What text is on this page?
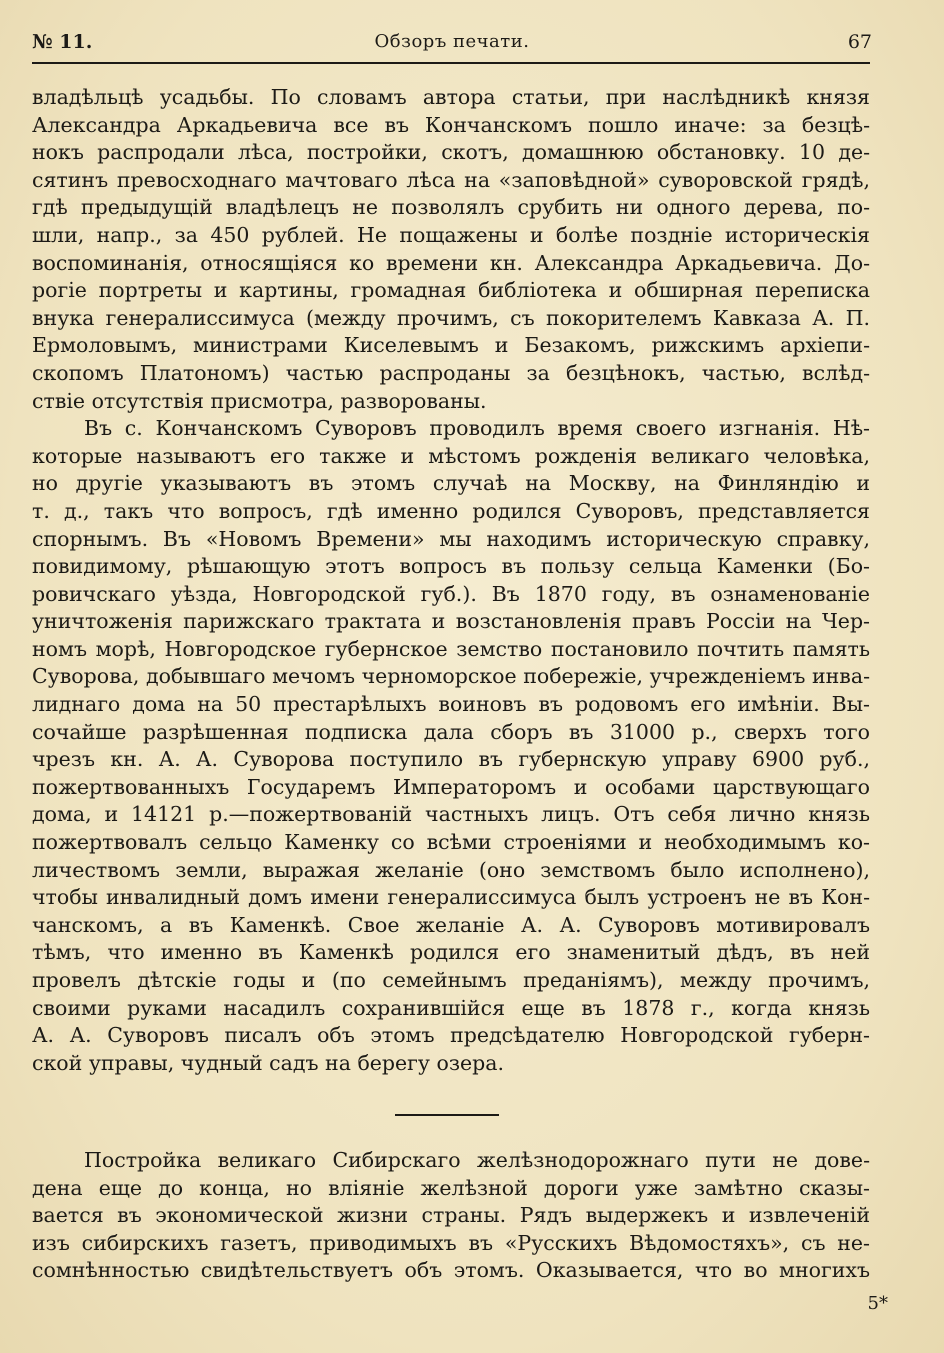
№ 11.	Обзоръ печати.	67
владѣльцѣ усадьбы. По словамъ автора статьи, при наслѣдникѣ князя
Александра Аркадьевича все въ Кончанскомъ пошло иначе: за безцѣ-
нокъ распродали лѣса, постройки, скотъ, домашнюю обстановку. 10 де-
сятинъ превосходнаго мачтоваго лѣса на «заповѣдной» суворовской грядѣ,
гдѣ предыдущій владѣлецъ не позволялъ срубить ни одного дерева, по-
шли, напр., за 450 рублей. Не пощажены и болѣе поздніе историческія
воспоминанія, относящіяся ко времени кн. Александра Аркадьевича. До-
рогіе портреты и картины, громадная библіотека и обширная переписка
внука генералиссимуса (между прочимъ, съ покорителемъ Кавказа А. П.
Ермоловымъ, министрами Киселевымъ и Безакомъ, рижскимъ архіепи-
скопомъ Платономъ) частью распроданы за безцѣнокъ, частью, вслѣд-
ствіе отсутствія присмотра, разворованы.
Въ с. Кончанскомъ Суворовъ проводилъ время своего изгнанія. Нѣ-
которые называютъ его также и мѣстомъ рожденія великаго человѣка,
но другіе указываютъ въ этомъ случаѣ на Москву, на Финляндію и
т. д., такъ что вопросъ, гдѣ именно родился Суворовъ, представляется
спорнымъ. Въ «Новомъ Времени» мы находимъ историческую справку,
повидимому, рѣшающую этотъ вопросъ въ пользу сельца Каменки (Бо-
ровичскаго уѣзда, Новгородской губ.). Въ 1870 году, въ ознаменованіе
уничтоженія парижскаго трактата и возстановленія правъ Россіи на Чер-
номъ морѣ, Новгородское губернское земство постановило почтить память
Суворова, добывшаго мечомъ черноморское побережіе, учрежденіемъ инва-
лиднаго дома на 50 престарѣлыхъ воиновъ въ родовомъ его имѣніи. Вы-
сочайше разрѣшенная подписка дала сборъ въ 31000 р., сверхъ того
чрезъ кн. А. А. Суворова поступило въ губернскую управу 6900 руб.,
пожертвованныхъ Государемъ Императоромъ и особами царствующаго
дома, и 14121 р.—пожертвованій частныхъ лицъ. Отъ себя лично князь
пожертвовалъ сельцо Каменку со всѣми строеніями и необходимымъ ко-
личествомъ земли, выражая желаніе (оно земствомъ было исполнено),
чтобы инвалидный домъ имени генералиссимуса былъ устроенъ не въ Кон-
чанскомъ, а въ Каменкѣ. Свое желаніе А. А. Суворовъ мотивировалъ
тѣмъ, что именно въ Каменкѣ родился его знаменитый дѣдъ, въ ней
провелъ дѣтскіе годы и (по семейнымъ преданіямъ), между прочимъ,
своими руками насадилъ сохранившійся еще въ 1878 г., когда князь
А. А. Суворовъ писалъ объ этомъ предсѣдателю Новгородской губерн-
ской управы, чудный садъ на берегу озера.
Постройка великаго Сибирскаго желѣзнодорожнаго пути не дове-
дена еще до конца, но вліяніе желѣзной дороги уже замѣтно сказы-
вается въ экономической жизни страны. Рядъ выдержекъ и извлеченій
изъ сибирскихъ газетъ, приводимыхъ въ «Русскихъ Вѣдомостяхъ», съ не-
сомнѣнностью свидѣтельствуетъ объ этомъ. Оказывается, что во многихъ
5*
